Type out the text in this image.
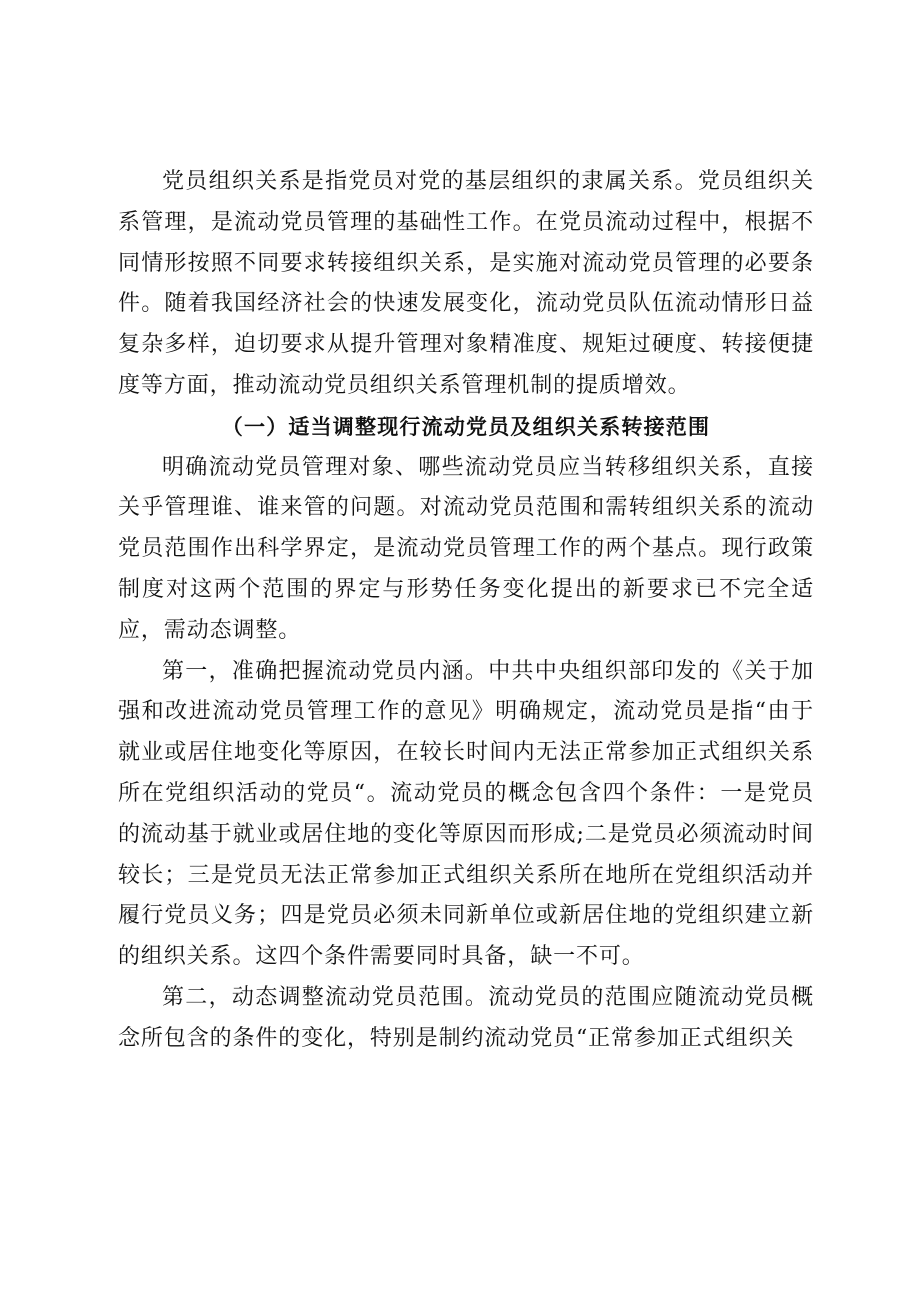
党员组织关系是指党员对党的基层组织的隶属关系。党员组织关系管理，是流动党员管理的基础性工作。在党员流动过程中，根据不同情形按照不同要求转接组织关系，是实施对流动党员管理的必要条件。随着我国经济社会的快速发展变化，流动党员队伍流动情形日益复杂多样，迫切要求从提升管理对象精准度、规矩过硬度、转接便捷度等方面，推动流动党员组织关系管理机制的提质增效。

（一）适当调整现行流动党员及组织关系转接范围

明确流动党员管理对象、哪些流动党员应当转移组织关系，直接关乎管理谁、谁来管的问题。对流动党员范围和需转组织关系的流动党员范围作出科学界定，是流动党员管理工作的两个基点。现行政策制度对这两个范围的界定与形势任务变化提出的新要求已不完全适应，需动态调整。

第一，准确把握流动党员内涵。中共中央组织部印发的《关于加强和改进流动党员管理工作的意见》明确规定，流动党员是指“由于就业或居住地变化等原因，在较长时间内无法正常参加正式组织关系所在党组织活动的党员“。流动党员的概念包含四个条件：一是党员的流动基于就业或居住地的变化等原因而形成;二是党员必须流动时间较长；三是党员无法正常参加正式组织关系所在地所在党组织活动并履行党员义务；四是党员必须未同新单位或新居住地的党组织建立新的组织关系。这四个条件需要同时具备，缺一不可。

第二，动态调整流动党员范围。流动党员的范围应随流动党员概念所包含的条件的变化，特别是制约流动党员“正常参加正式组织关
